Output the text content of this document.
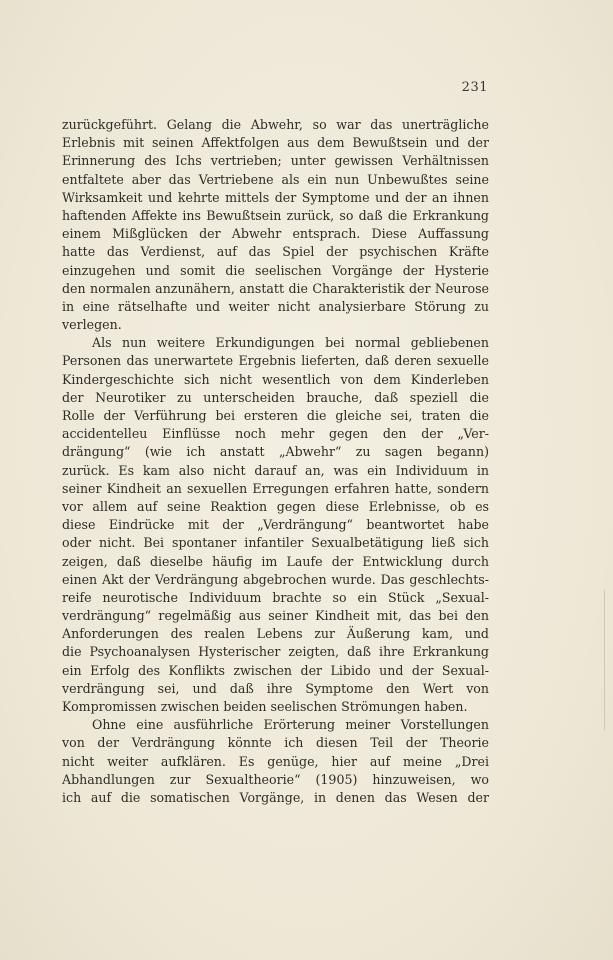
231
zurückgeführt. Gelang die Abwehr, so war das unerträgliche
Erlebnis mit seinen Affektfolgen aus dem Bewußtsein und der
Erinnerung des Ichs vertrieben; unter gewissen Verhältnissen
entfaltete aber das Vertriebene als ein nun Unbewußtes seine
Wirksamkeit und kehrte mittels der Symptome und der an ihnen
haftenden Affekte ins Bewußtsein zurück, so daß die Erkrankung
einem Mißglücken der Abwehr entsprach. Diese Auffassung
hatte das Verdienst, auf das Spiel der psychischen Kräfte
einzugehen und somit die seelischen Vorgänge der Hysterie
den normalen anzunähern, anstatt die Charakteristik der Neurose
in eine rätselhafte und weiter nicht analysierbare Störung zu
verlegen.
Als nun weitere Erkundigungen bei normal gebliebenen
Personen das unerwartete Ergebnis lieferten, daß deren sexuelle
Kindergeschichte sich nicht wesentlich von dem Kinderleben
der Neurotiker zu unterscheiden brauche, daß speziell die
Rolle der Verführung bei ersteren die gleiche sei, traten die
accidentelleu Einflüsse noch mehr gegen den der „Ver-
drängung“ (wie ich anstatt „Abwehr“ zu sagen begann)
zurück. Es kam also nicht darauf an, was ein Individuum in
seiner Kindheit an sexuellen Erregungen erfahren hatte, sondern
vor allem auf seine Reaktion gegen diese Erlebnisse, ob es
diese Eindrücke mit der „Verdrängung“ beantwortet habe
oder nicht. Bei spontaner infantiler Sexualbetätigung ließ sich
zeigen, daß dieselbe häufig im Laufe der Entwicklung durch
einen Akt der Verdrängung abgebrochen wurde. Das geschlechts-
reife neurotische Individuum brachte so ein Stück „Sexual-
verdrängung“ regelmäßig aus seiner Kindheit mit, das bei den
Anforderungen des realen Lebens zur Äußerung kam, und
die Psychoanalysen Hysterischer zeigten, daß ihre Erkrankung
ein Erfolg des Konflikts zwischen der Libido und der Sexual-
verdrängung sei, und daß ihre Symptome den Wert von
Kompromissen zwischen beiden seelischen Strömungen haben.
Ohne eine ausführliche Erörterung meiner Vorstellungen
von der Verdrängung könnte ich diesen Teil der Theorie
nicht weiter aufklären. Es genüge, hier auf meine „Drei
Abhandlungen zur Sexualtheorie“ (1905) hinzuweisen, wo
ich auf die somatischen Vorgänge, in denen das Wesen der
